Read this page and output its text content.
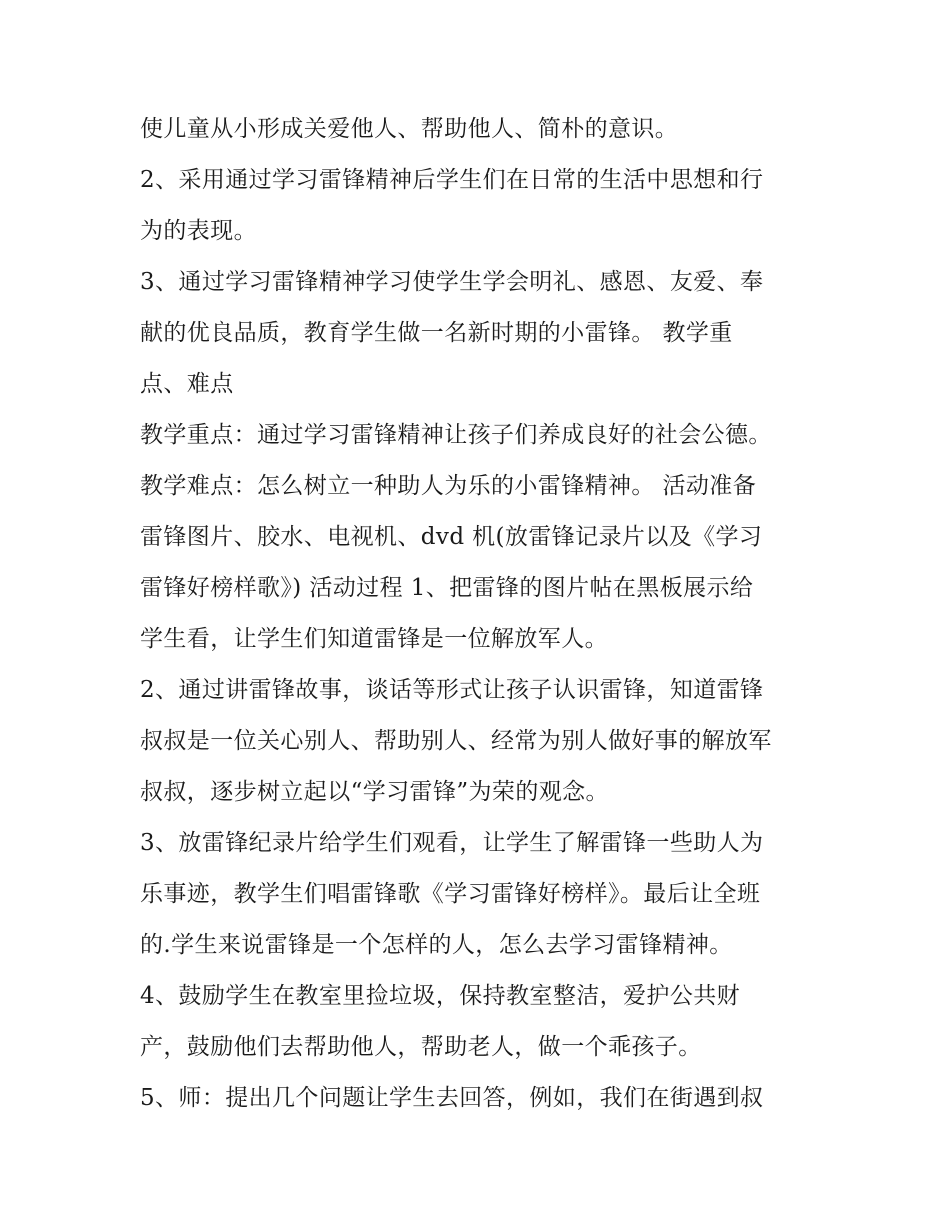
使儿童从小形成关爱他人、帮助他人、简朴的意识。
2、采用通过学习雷锋精神后学生们在日常的生活中思想和行
为的表现。
3、通过学习雷锋精神学习使学生学会明礼、感恩、友爱、奉
献的优良品质，教育学生做一名新时期的小雷锋。 教学重
点、难点
教学重点：通过学习雷锋精神让孩子们养成良好的社会公德。
教学难点：怎么树立一种助人为乐的小雷锋精神。 活动准备
雷锋图片、胶水、电视机、dvd 机(放雷锋记录片以及《学习
雷锋好榜样歌》) 活动过程 1、把雷锋的图片帖在黑板展示给
学生看，让学生们知道雷锋是一位解放军人。
2、通过讲雷锋故事，谈话等形式让孩子认识雷锋，知道雷锋
叔叔是一位关心别人、帮助别人、经常为别人做好事的解放军
叔叔，逐步树立起以“学习雷锋”为荣的观念。
3、放雷锋纪录片给学生们观看，让学生了解雷锋一些助人为
乐事迹，教学生们唱雷锋歌《学习雷锋好榜样》。最后让全班
的.学生来说雷锋是一个怎样的人，怎么去学习雷锋精神。
4、鼓励学生在教室里捡垃圾，保持教室整洁，爱护公共财
产，鼓励他们去帮助他人，帮助老人，做一个乖孩子。
5、师：提出几个问题让学生去回答，例如，我们在街遇到叔
